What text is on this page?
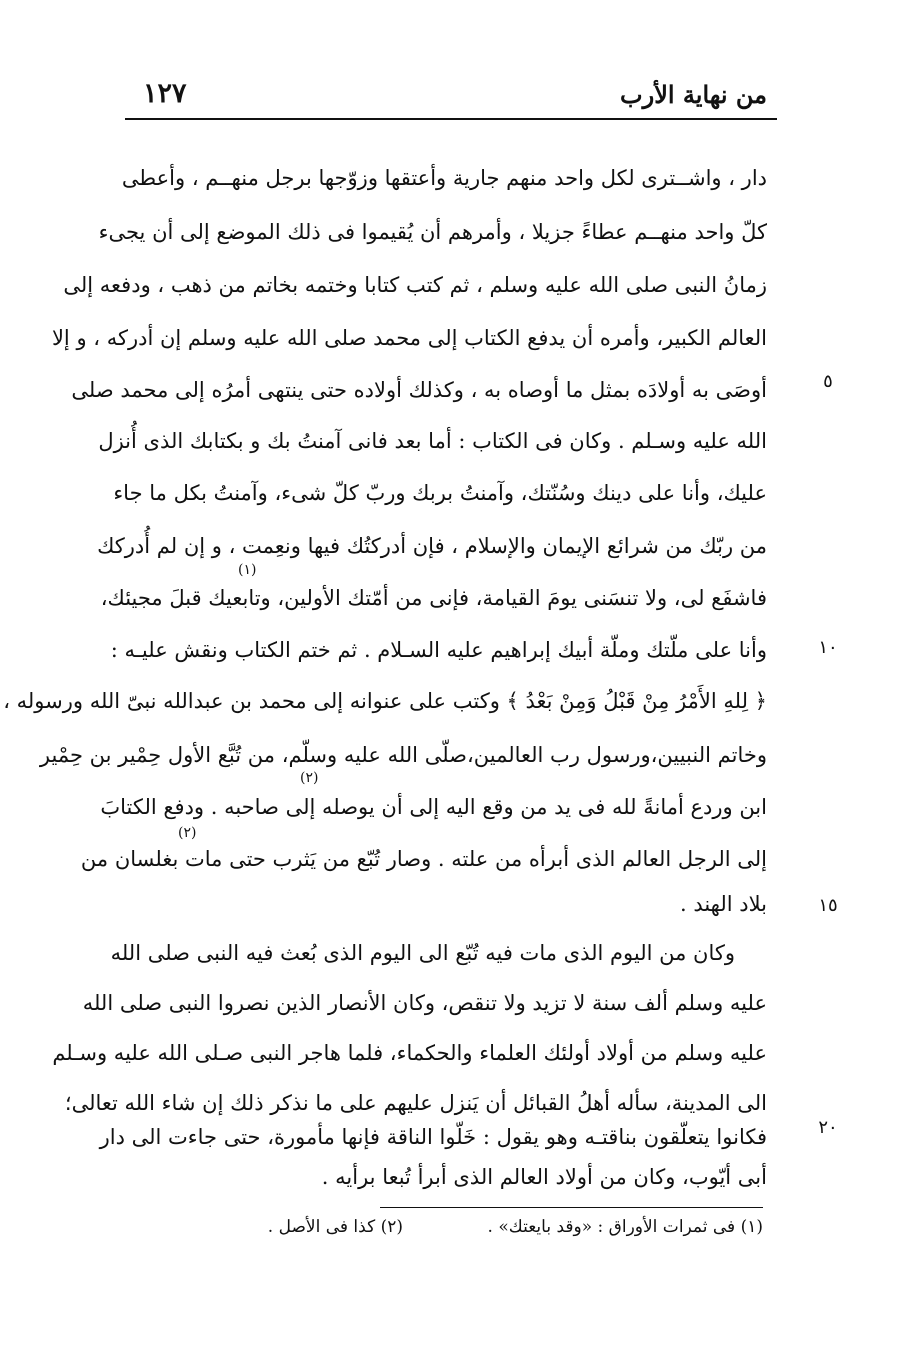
١٢٧	من نهاية الأرب
دار ، واشــترى لكل واحد منهم جارية وأعتقها وزوّجها برجل منهــم ، وأعطى
كلّ واحد منهــم عطاءً جزيلا ، وأمرهم أن يُقيموا فى ذلك الموضع إلى أن يجىء
زمانُ النبى صلى الله عليه وسلم ، ثم كتب كتابا وختمه بخاتم من ذهب ، ودفعه إلى
العالم الكبير، وأمره أن يدفع الكتاب إلى محمد صلى الله عليه وسلم إن أدركه ، و إلا
أوصَى به أولادَه بمثل ما أوصاه به ، وكذلك أولاده حتى ينتهى أمرُه إلى محمد صلى
الله عليه وسـلم . وكان فى الكتاب : أما بعد فانى آمنتُ بك و بكتابك الذى أُنزل
عليك، وأنا على دينك وسُنّتك، وآمنتُ بربك وربّ كلّ شىء، وآمنتُ بكل ما جاء
من ربّك من شرائع الإيمان والإسلام ، فإن أدركتُك فيها ونعِمت ، و إن لم أُدركك
فاشفَع لى، ولا تنسَنى يومَ القيامة، فإنى من أمّتك الأولين، وتابعيك قبلَ مجيئك،
وأنا على ملّتك وملّة أبيك إبراهيم عليه السـلام . ثم ختم الكتاب ونقش عليـه :
﴿ لِلهِ الأَمْرُ مِنْ قَبْلُ وَمِنْ بَعْدُ ﴾ وكتب على عنوانه إلى محمد بن عبدالله نبىّ الله ورسوله ،
وخاتم النبيين،ورسول رب العالمين،صلّى الله عليه وسلّم، من تُبَّع الأول حِمْير بن حِمْير
ابن وردع أمانةً لله فى يد من وقع اليه إلى أن يوصله إلى صاحبه . ودفع الكتابَ
إلى الرجل العالم الذى أبرأه من علته . وصار تُبّع من يَثرب حتى مات بغلسان من
بلاد الهند .
وكان من اليوم الذى مات فيه تُبّع الى اليوم الذى بُعث فيه النبى صلى الله
عليه وسلم ألف سنة لا تزيد ولا تنقص، وكان الأنصار الذين نصروا النبى صلى الله
عليه وسلم من أولاد أولئك العلماء والحكماء، فلما هاجر النبى صـلى الله عليه وسـلم
الى المدينة، سأله أهلُ القبائل أن يَنزل عليهم على ما نذكر ذلك إن شاء الله تعالى؛
فكانوا يتعلّقون بناقتـه وهو يقول : خَلّوا الناقة فإنها مأمورة، حتى جاءت الى دار
أبى أيّوب، وكان من أولاد العالم الذى أبرأ تُبعا برأيه .
(١)
(٢)
(٢)
٥
١٠
١٥
٢٠
(١) فى ثمرات الأوراق : «وقد بايعتك» .
(٢) كذا فى الأصل .
